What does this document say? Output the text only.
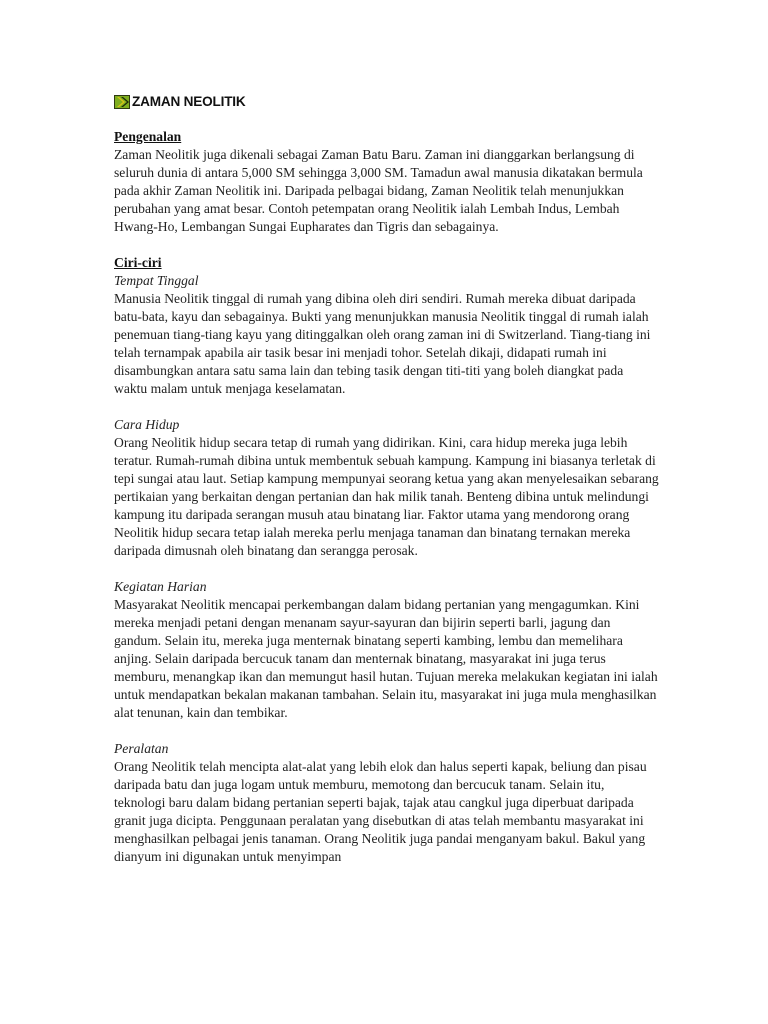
ZAMAN NEOLITIK
Pengenalan

Zaman Neolitik juga dikenali sebagai Zaman Batu Baru. Zaman ini dianggarkan berlangsung di seluruh dunia di antara 5,000 SM sehingga 3,000 SM. Tamadun awal manusia dikatakan bermula pada akhir Zaman Neolitik ini. Daripada pelbagai bidang, Zaman Neolitik telah menunjukkan perubahan yang amat besar. Contoh petempatan orang Neolitik ialah Lembah Indus, Lembah Hwang-Ho, Lembangan Sungai Eupharates dan Tigris dan sebagainya.

Ciri-ciri
Tempat Tinggal

Manusia Neolitik tinggal di rumah yang dibina oleh diri sendiri. Rumah mereka dibuat daripada batu-bata, kayu dan sebagainya. Bukti yang menunjukkan manusia Neolitik tinggal di rumah ialah penemuan tiang-tiang kayu yang ditinggalkan oleh orang zaman ini di Switzerland. Tiang-tiang ini telah ternampak apabila air tasik besar ini menjadi tohor. Setelah dikaji, didapati rumah ini disambungkan antara satu sama lain dan tebing tasik dengan titi-titi yang boleh diangkat pada waktu malam untuk menjaga keselamatan.

Cara Hidup

Orang Neolitik hidup secara tetap di rumah yang didirikan. Kini, cara hidup mereka juga lebih teratur. Rumah-rumah dibina untuk membentuk sebuah kampung. Kampung ini biasanya terletak di tepi sungai atau laut. Setiap kampung mempunyai seorang ketua yang akan menyelesaikan sebarang pertikaian yang berkaitan dengan pertanian dan hak milik tanah. Benteng dibina untuk melindungi kampung itu daripada serangan musuh atau binatang liar. Faktor utama yang mendorong orang Neolitik hidup secara tetap ialah mereka perlu menjaga tanaman dan binatang ternakan mereka daripada dimusnah oleh binatang dan serangga perosak.

Kegiatan Harian

Masyarakat Neolitik mencapai perkembangan dalam bidang pertanian yang mengagumkan. Kini mereka menjadi petani dengan menanam sayur-sayuran dan bijirin seperti barli, jagung dan gandum. Selain itu, mereka juga menternak binatang seperti kambing, lembu dan memelihara anjing. Selain daripada bercucuk tanam dan menternak binatang, masyarakat ini juga terus memburu, menangkap ikan dan memungut hasil hutan. Tujuan mereka melakukan kegiatan ini ialah untuk mendapatkan bekalan makanan tambahan. Selain itu, masyarakat ini juga mula menghasilkan alat tenunan, kain dan tembikar.

Peralatan

Orang Neolitik telah mencipta alat-alat yang lebih elok dan halus seperti kapak, beliung dan pisau daripada batu dan juga logam untuk memburu, memotong dan bercucuk tanam. Selain itu, teknologi baru dalam bidang pertanian seperti bajak, tajak atau cangkul juga diperbuat daripada granit juga dicipta. Penggunaan peralatan yang disebutkan di atas telah membantu masyarakat ini menghasilkan pelbagai jenis tanaman. Orang Neolitik juga pandai menganyam bakul. Bakul yang dianyum ini digunakan untuk menyimpan
